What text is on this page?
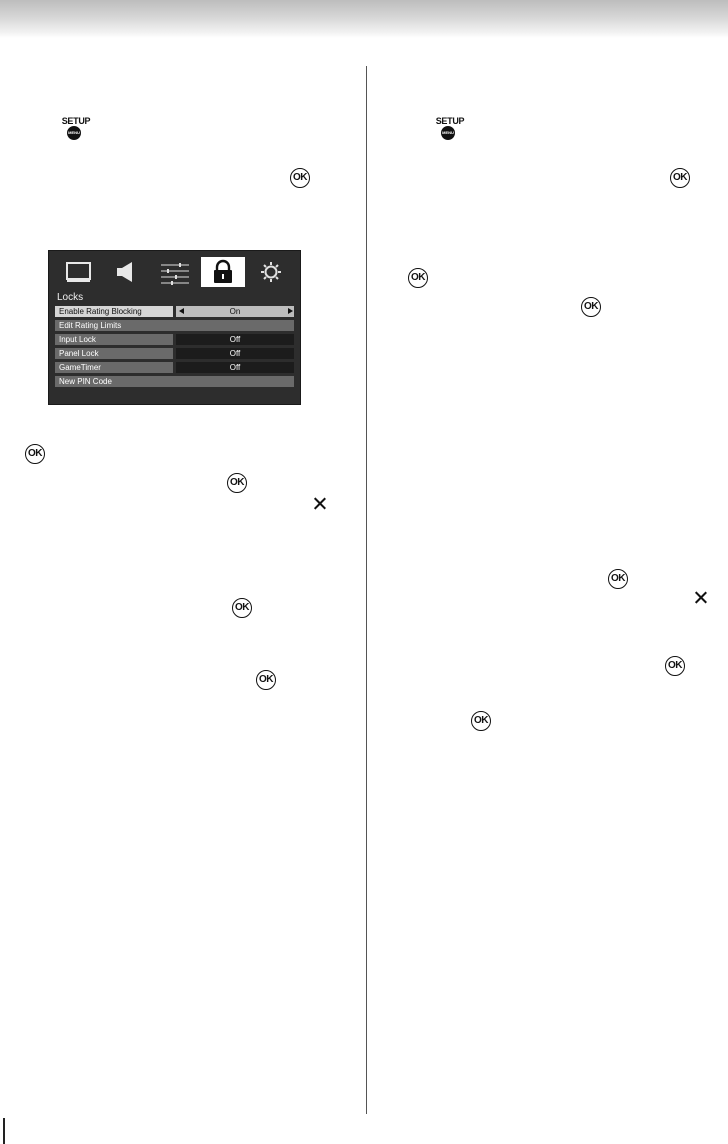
SETUP
MENU
OK
Locks
Enable Rating Blocking	On
Edit Rating Limits
Input Lock	Off
Panel Lock	Off
GameTimer	Off
New PIN Code
OK
OK
OK
OK
SETUP
MENU
OK
OK
OK
OK
OK
OK
